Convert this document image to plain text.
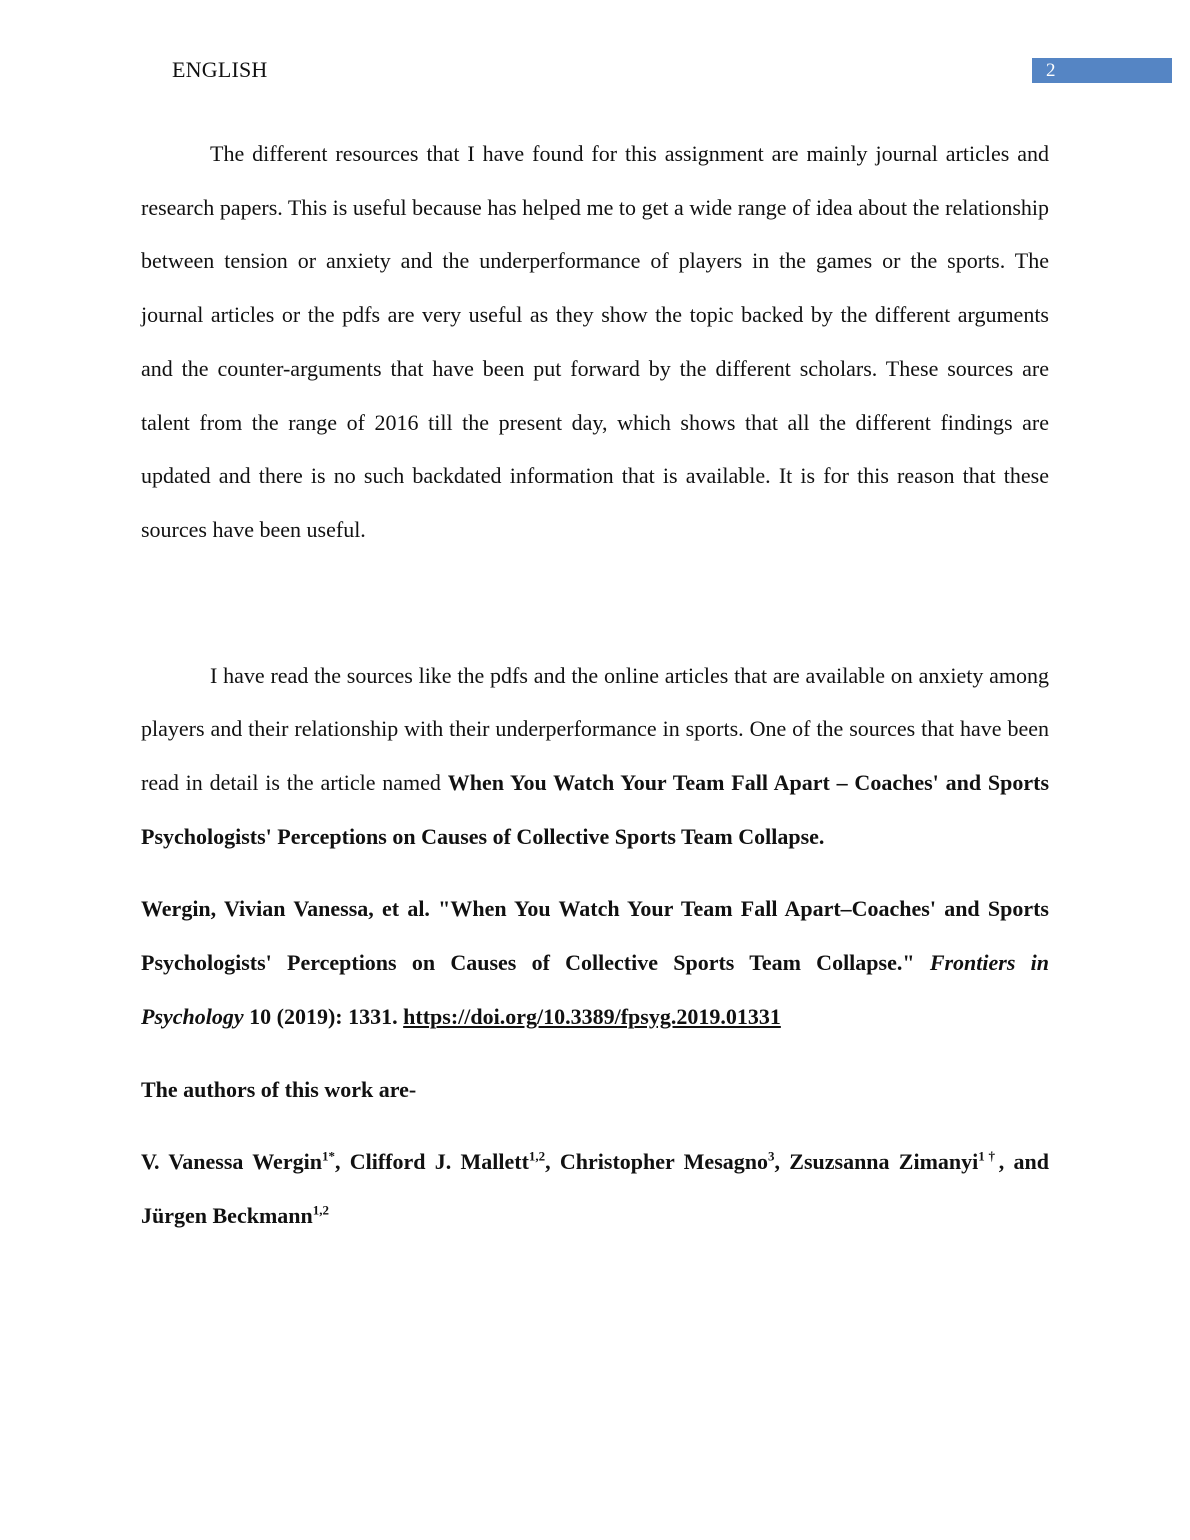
ENGLISH	2

The different resources that I have found for this assignment are mainly journal articles and research papers. This is useful because has helped me to get a wide range of idea about the relationship between tension or anxiety and the underperformance of players in the games or the sports. The journal articles or the pdfs are very useful as they show the topic backed by the different arguments and the counter-arguments that have been put forward by the different scholars. These sources are talent from the range of 2016 till the present day, which shows that all the different findings are updated and there is no such backdated information that is available. It is for this reason that these sources have been useful.

I have read the sources like the pdfs and the online articles that are available on anxiety among players and their relationship with their underperformance in sports. One of the sources that have been read in detail is the article named When You Watch Your Team Fall Apart – Coaches' and Sports Psychologists' Perceptions on Causes of Collective Sports Team Collapse.

Wergin, Vivian Vanessa, et al. "When You Watch Your Team Fall Apart–Coaches' and Sports Psychologists' Perceptions on Causes of Collective Sports Team Collapse." Frontiers in Psychology 10 (2019): 1331. https://doi.org/10.3389/fpsyg.2019.01331

The authors of this work are-

V. Vanessa Wergin$^{1*}$, Clifford J. Mallett$^{1,2}$, Christopher Mesagno$^3$, Zsuzsanna Zimanyi$^{1\dagger}$, and Jürgen Beckmann$^{1,2}$
